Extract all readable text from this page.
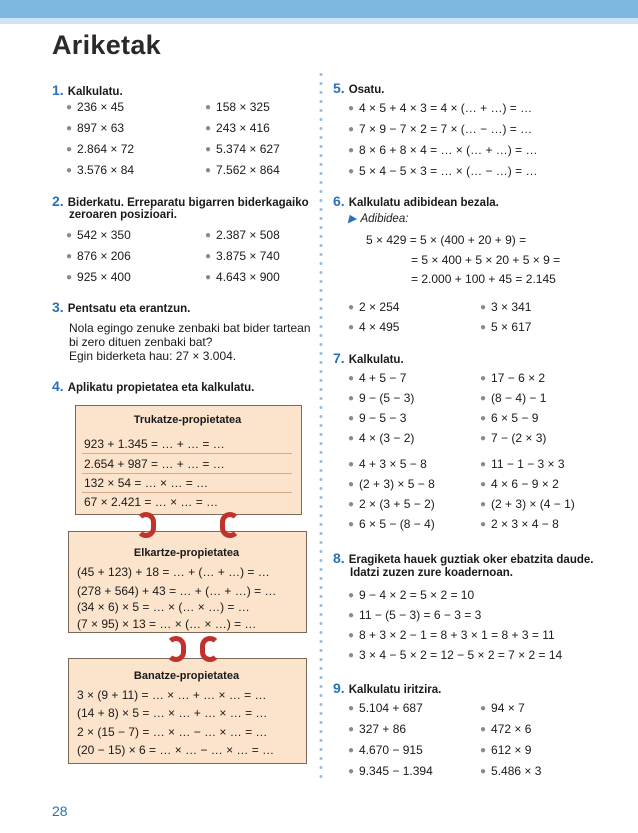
Ariketak
1. Kalkulatu.
● 236 × 45	● 158 × 325
● 897 × 63	● 243 × 416
● 2.864 × 72	● 5.374 × 627
● 3.576 × 84	● 7.562 × 864
2. Biderkatu. Erreparatu bigarren biderkagaiko
zeroaren posizioari.
● 542 × 350	● 2.387 × 508
● 876 × 206	● 3.875 × 740
● 925 × 400	● 4.643 × 900
3. Pentsatu eta erantzun.
Nola egingo zenuke zenbaki bat bider tartean
bi zero dituen zenbaki bat?
Egin biderketa hau: 27 × 3.004.
4. Aplikatu propietatea eta kalkulatu.
Trukatze-propietatea
923 + 1.345 = … + … = …
2.654 + 987 = … + … = …
132 × 54 = … × … = …
67 × 2.421 = … × … = …
Elkartze-propietatea
(45 + 123) + 18 = … + (… + …) = …
(278 + 564) + 43 = … + (… + …) = …
(34 × 6) × 5 = … × (… × …) = …
(7 × 95) × 13 = … × (… × …) = …
Banatze-propietatea
3 × (9 + 11) = … × … + … × … = …
(14 + 8) × 5 = … × … + … × … = …
2 × (15 − 7) = … × … − … × … = …
(20 − 15) × 6 = … × … − … × … = …
5. Osatu.
● 4 × 5 + 4 × 3 = 4 × (… + …) = …
● 7 × 9 − 7 × 2 = 7 × (… − …) = …
● 8 × 6 + 8 × 4 = … × (… + …) = …
● 5 × 4 − 5 × 3 = … × (… − …) = …
6. Kalkulatu adibidean bezala.
▶ Adibidea:
5 × 429 = 5 × (400 + 20 + 9) =
= 5 × 400 + 5 × 20 + 5 × 9 =
= 2.000 + 100 + 45 = 2.145
● 2 × 254	● 3 × 341
● 4 × 495	● 5 × 617
7. Kalkulatu.
● 4 + 5 − 7	● 17 − 6 × 2
● 9 − (5 − 3)	● (8 − 4) − 1
● 9 − 5 − 3	● 6 × 5 − 9
● 4 × (3 − 2)	● 7 − (2 × 3)
● 4 + 3 × 5 − 8	● 11 − 1 − 3 × 3
● (2 + 3) × 5 − 8	● 4 × 6 − 9 × 2
● 2 × (3 + 5 − 2)	● (2 + 3) × (4 − 1)
● 6 × 5 − (8 − 4)	● 2 × 3 × 4 − 8
8. Eragiketa hauek guztiak oker ebatzita daude.
Idatzi zuzen zure koadernoan.
● 9 − 4 × 2 = 5 × 2 = 10
● 11 − (5 − 3) = 6 − 3 = 3
● 8 + 3 × 2 − 1 = 8 + 3 × 1 = 8 + 3 = 11
● 3 × 4 − 5 × 2 = 12 − 5 × 2 = 7 × 2 = 14
9. Kalkulatu iritzira.
● 5.104 + 687	● 94 × 7
● 327 + 86	● 472 × 6
● 4.670 − 915	● 612 × 9
● 9.345 − 1.394	● 5.486 × 3
28
